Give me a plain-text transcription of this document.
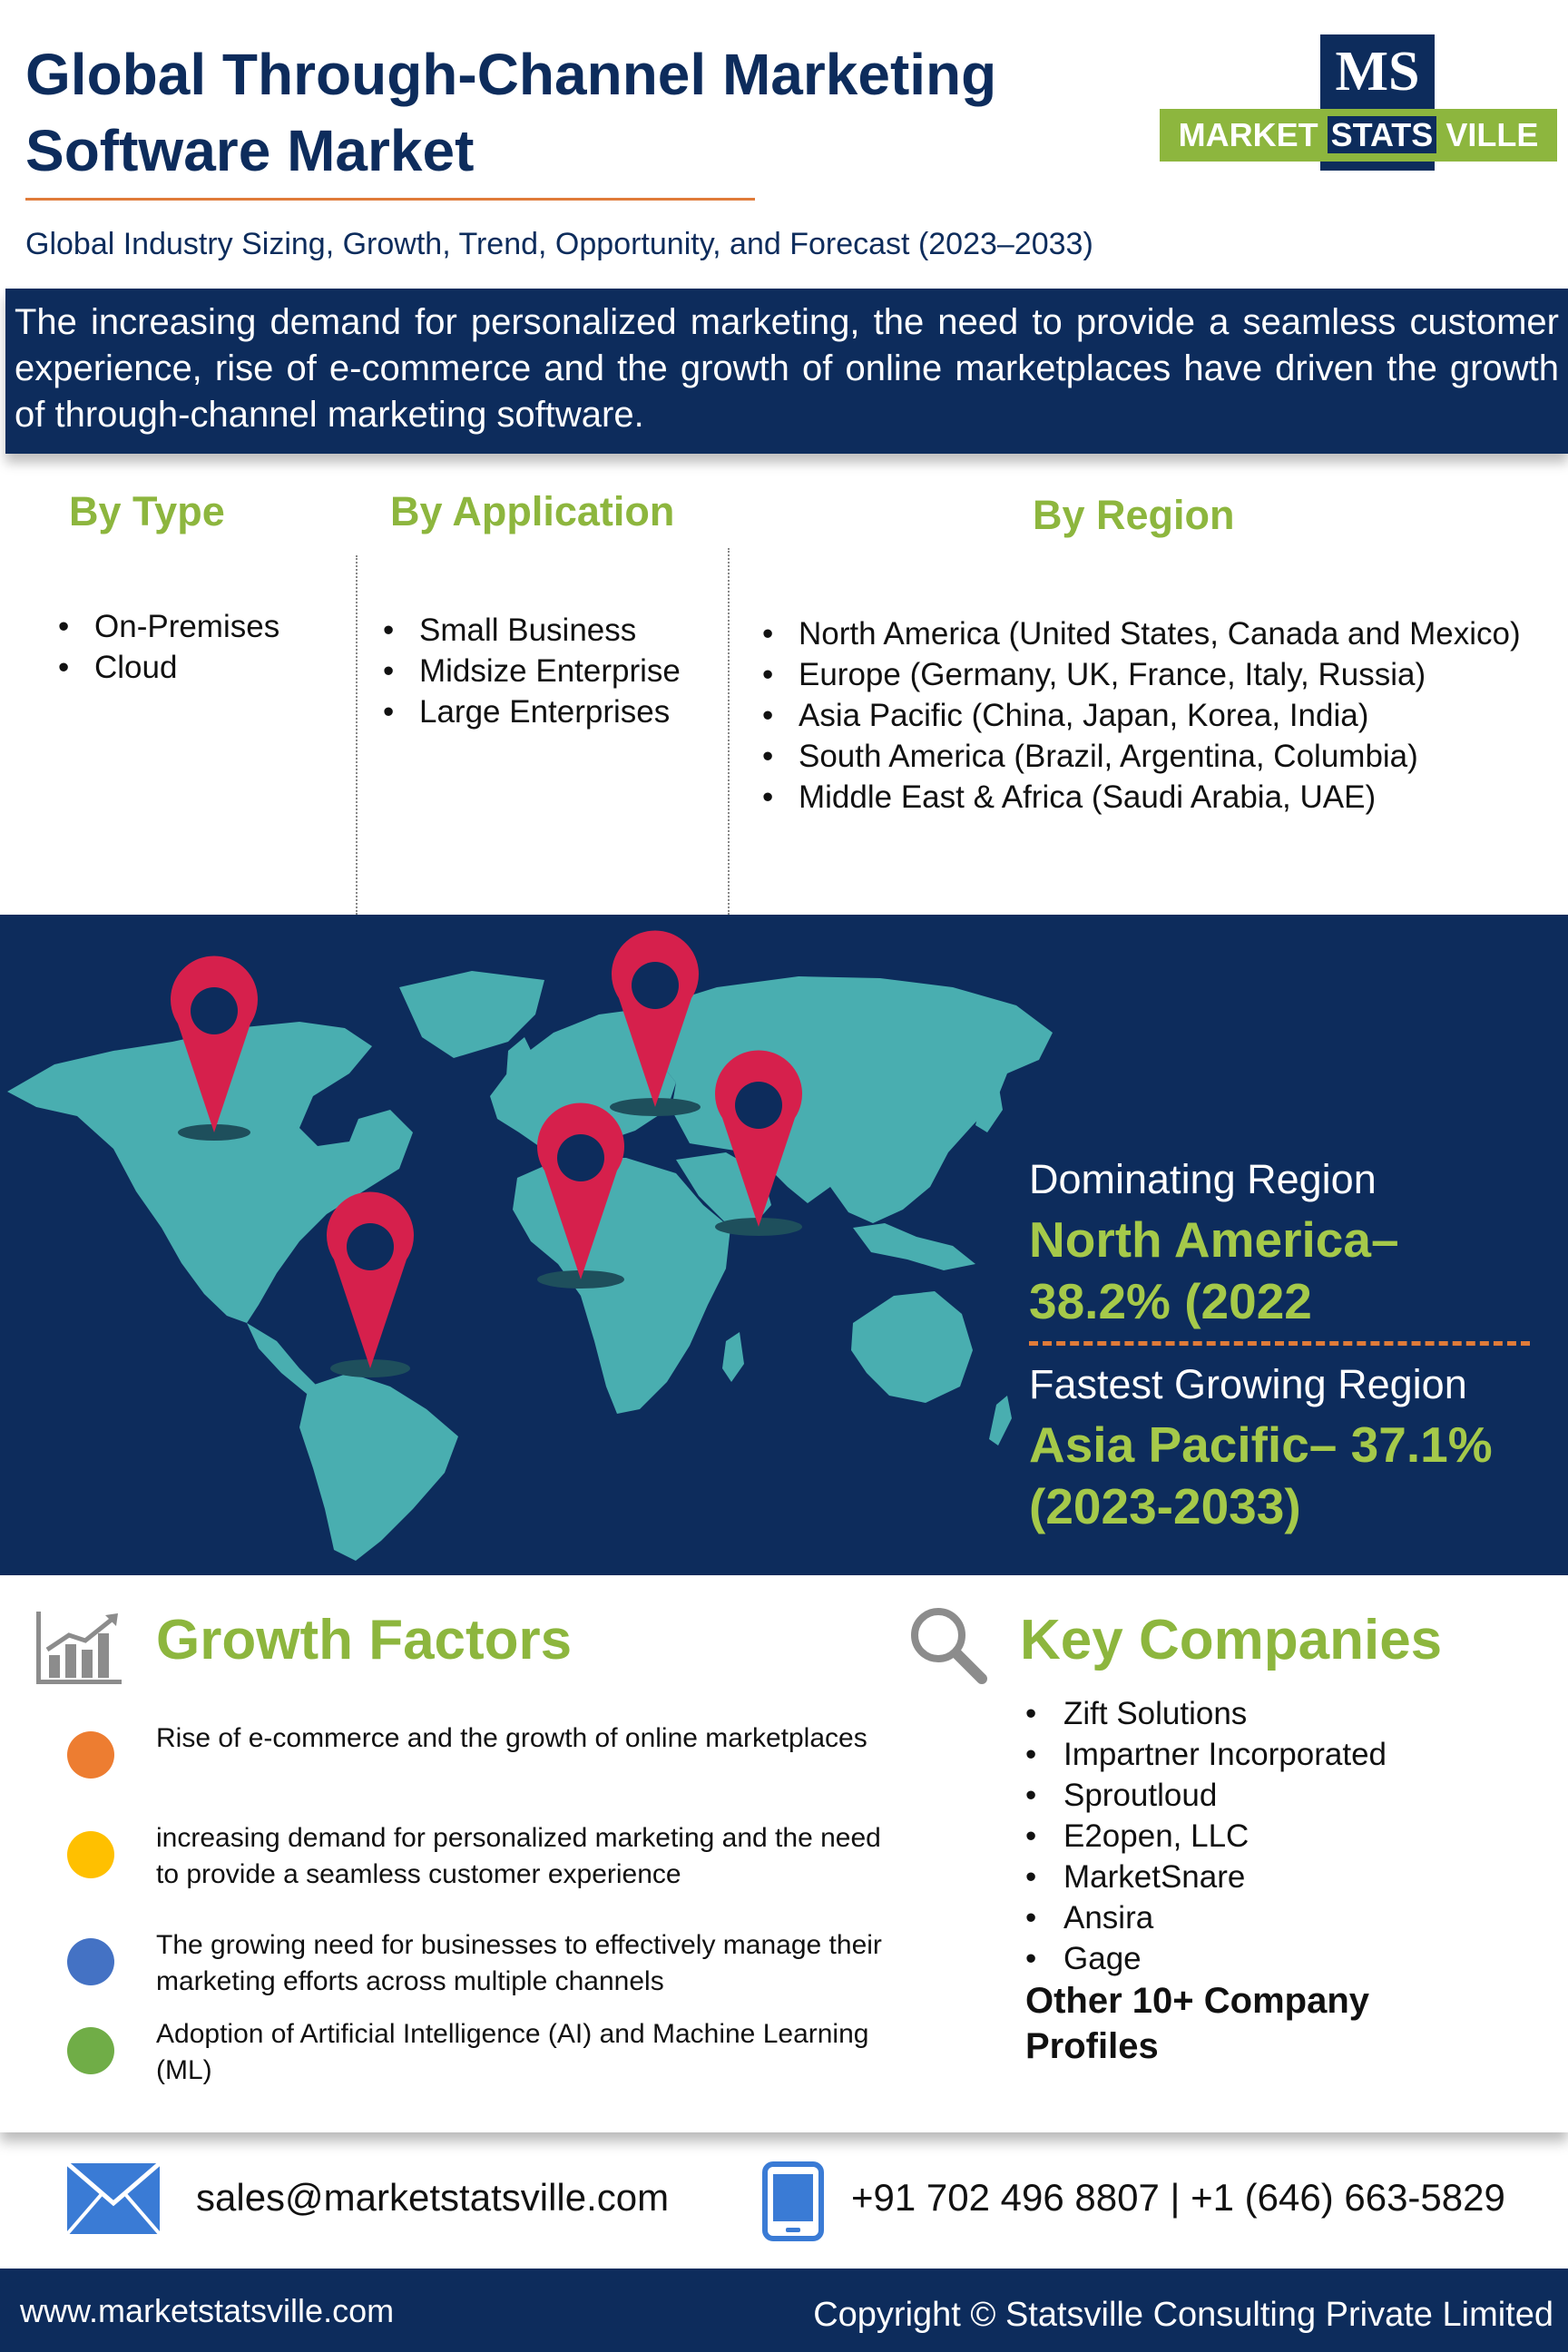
Global Through-Channel Marketing
Software Market
Global Industry Sizing, Growth, Trend, Opportunity, and Forecast (2023–2033)
MS
MARKET STATS VILLE
The increasing demand for personalized marketing, the need to provide a seamless customer experience, rise of e-commerce and the growth of online marketplaces have driven the growth of through-channel marketing software.
By Type
• On-Premises
• Cloud
By Application
• Small Business
• Midsize Enterprise
• Large Enterprises
By Region
• North America (United States, Canada and Mexico)
• Europe (Germany, UK, France, Italy, Russia)
• Asia Pacific (China, Japan, Korea, India)
• South America (Brazil, Argentina, Columbia)
• Middle East & Africa (Saudi Arabia, UAE)
Dominating Region
North America–
38.2% (2022
Fastest Growing Region
Asia Pacific– 37.1%
(2023-2033)
Growth Factors
Rise of e-commerce and the growth of online marketplaces
increasing demand for personalized marketing and the need to provide a seamless customer experience
The growing need for businesses to effectively manage their marketing efforts across multiple channels
Adoption of Artificial Intelligence (AI) and Machine Learning (ML)
Key Companies
• Zift Solutions
• Impartner Incorporated
• Sproutloud
• E2open, LLC
• MarketSnare
• Ansira
• Gage
Other 10+ Company Profiles
sales@marketstatsville.com	+91 702 496 8807 | +1 (646) 663-5829
www.marketstatsville.com	Copyright © Statsville Consulting Private Limited
